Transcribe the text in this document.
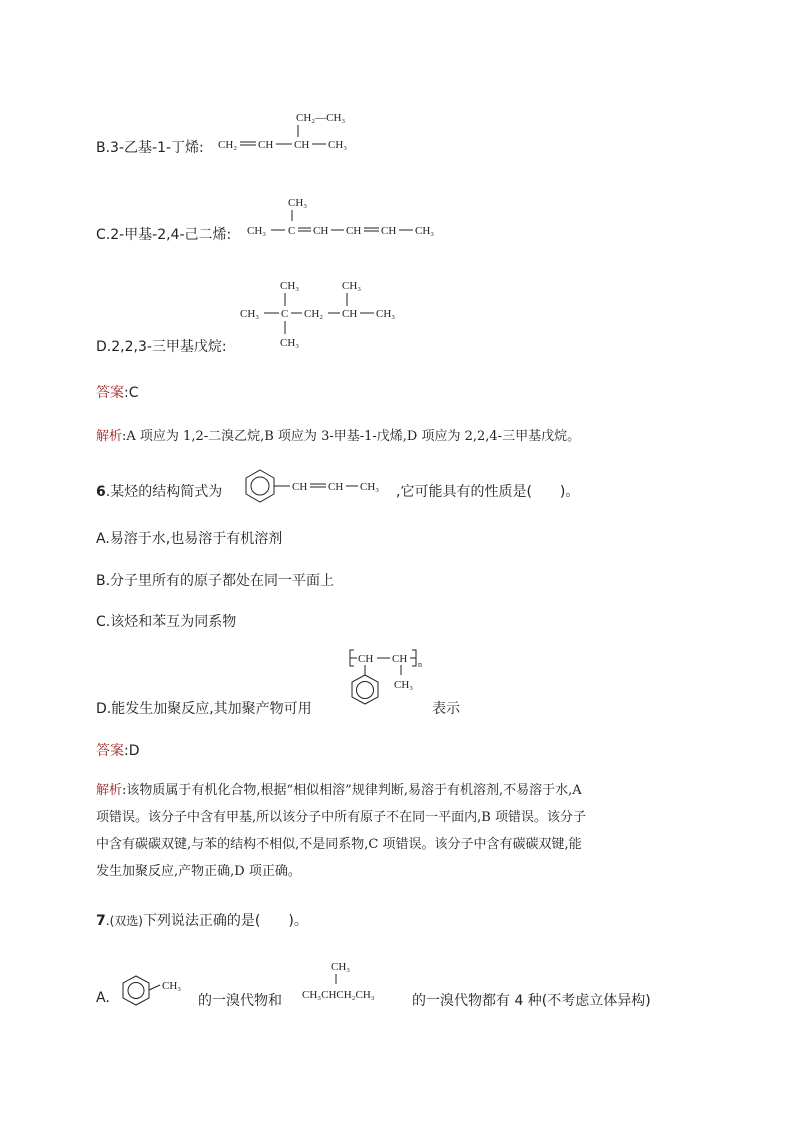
B.3-乙基-1-丁烯:
CH₂—CH₃
CH₂ CH CH CH₃
C.2-甲基-2,4-己二烯:
CH₃
CH₃ C CH CH CH CH₃
D.2,2,3-三甲基戊烷:
CH₃	CH₃
CH₃ C CH₂ CH CH₃
CH₃
答案:C
解析:A 项应为 1,2-二溴乙烷,B 项应为 3-甲基-1-戊烯,D 项应为 2,2,4-三甲基戊烷。
6.某烃的结构简式为	CH CH CH₃ ,它可能具有的性质是(　　)。
A.易溶于水,也易溶于有机溶剂
B.分子里所有的原子都处在同一平面上
C.该烃和苯互为同系物
D.能发生加聚反应,其加聚产物可用
CH CH n
CH₃
表示
答案:D
解析:该物质属于有机化合物,根据“相似相溶”规律判断,易溶于有机溶剂,不易溶于水,A
项错误。该分子中含有甲基,所以该分子中所有原子不在同一平面内,B 项错误。该分子
中含有碳碳双键,与苯的结构不相似,不是同系物,C 项错误。该分子中含有碳碳双键,能
发生加聚反应,产物正确,D 项正确。
7.(双选)下列说法正确的是(　　)。
A.
CH₃
的一溴代物和
CH₃
CH₃CHCH₂CH₃	的一溴代物都有 4 种(不考虑立体异构)
